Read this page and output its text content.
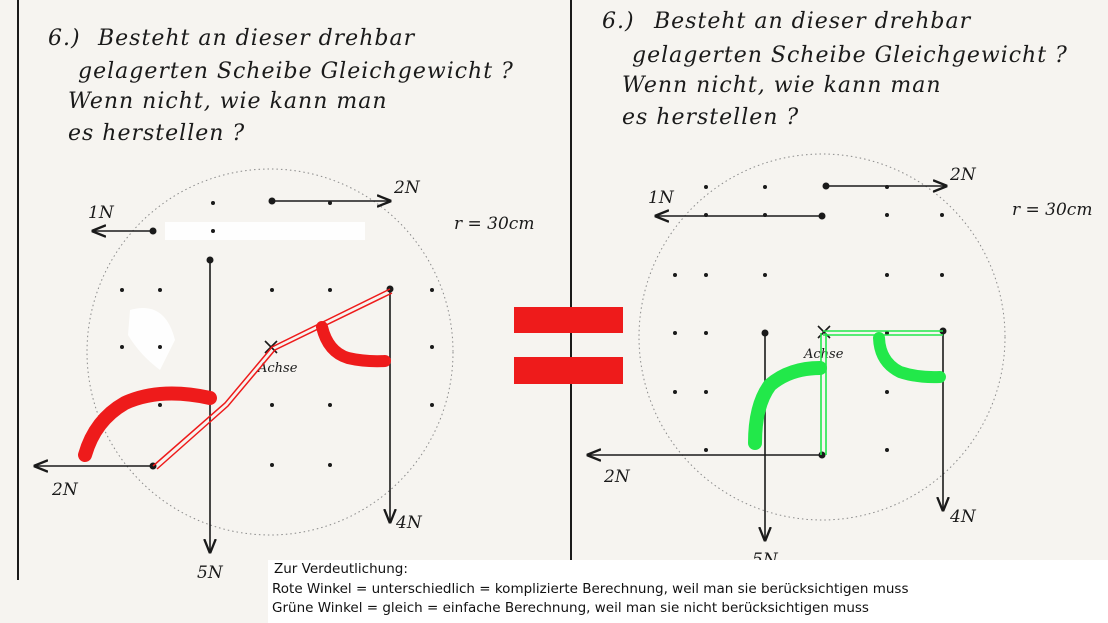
6.) Besteht an dieser drehbar
gelagerten Scheibe Gleichgewicht ?
Wenn nicht, wie kann man
es herstellen ?
1N
2N
2N
5N
4N
Achse
r = 30cm
6.) Besteht an dieser drehbar
gelagerten Scheibe Gleichgewicht ?
Wenn nicht, wie kann man
es herstellen ?
1N
2N
2N
4N
Achse
r = 30cm
Zur Verdeutlichung:
Rote Winkel = unterschiedlich = komplizierte Berechnung, weil man sie berücksichtigen muss
Grüne Winkel = gleich = einfache Berechnung, weil man sie nicht berücksichtigen muss
